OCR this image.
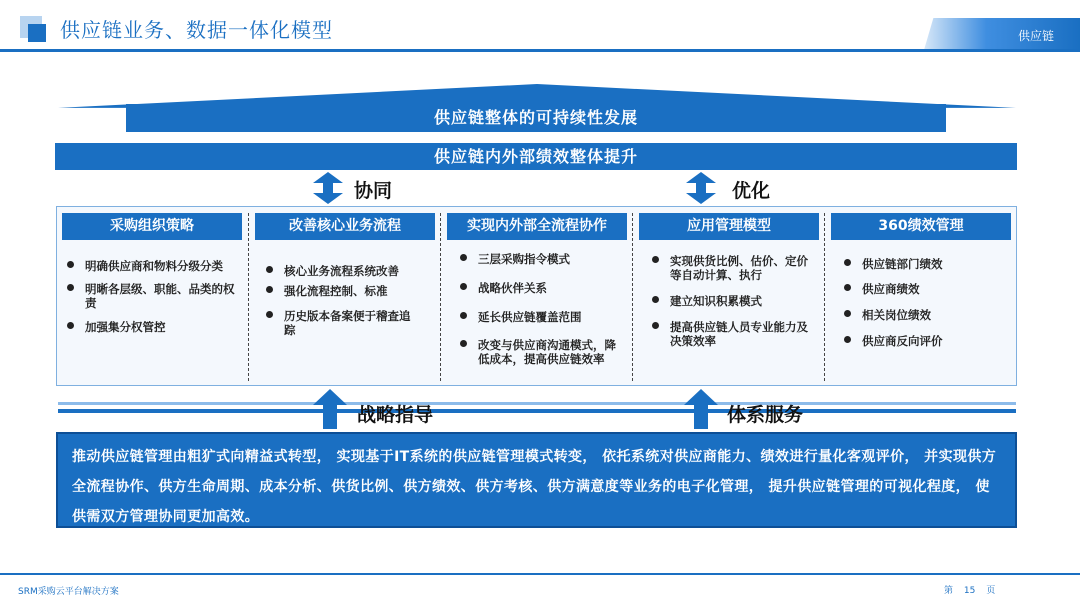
供应链业务、数据一体化模型	供应链
供应链整体的可持续性发展
供应链内外部绩效整体提升
协同	优化
采购组织策略
明确供应商和物料分级分类
明晰各层级、职能、品类的权责
加强集分权管控
改善核心业务流程
核心业务流程系统改善
强化流程控制、标准
历史版本备案便于稽查追踪
实现内外部全流程协作
三层采购指令模式
战略伙伴关系
延长供应链覆盖范围
改变与供应商沟通模式，降低成本，提高供应链效率
应用管理模型
实现供货比例、估价、定价等自动计算、执行
建立知识积累模式
提高供应链人员专业能力及决策效率
360绩效管理
供应链部门绩效
供应商绩效
相关岗位绩效
供应商反向评价
战略指导	体系服务
推动供应链管理由粗犷式向精益式转型， 实现基于IT系统的供应链管理模式转变， 依托系统对供应商能力、绩效进行量化客观评价， 并实现供方全流程协作、供方生命周期、成本分析、供货比例、供方绩效、供方考核、供方满意度等业务的电子化管理， 提升供应链管理的可视化程度， 使供需双方管理协同更加高效。
SRM采购云平台解决方案	第 15 页
